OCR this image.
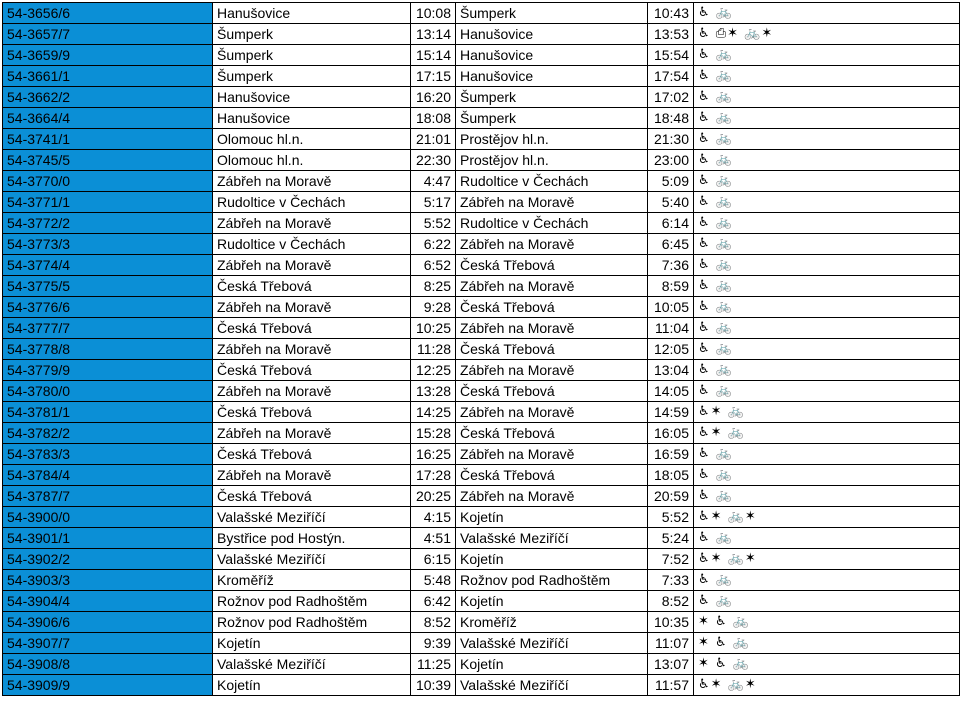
54-3656/6	Hanušovice	10:08	Šumperk	10:43	♿ 🚲
54-3657/7	Šumperk	13:14	Hanušovice	13:53	♿ ⎙✶ 🚲✶
54-3659/9	Šumperk	15:14	Hanušovice	15:54	♿ 🚲
54-3661/1	Šumperk	17:15	Hanušovice	17:54	♿ 🚲
54-3662/2	Hanušovice	16:20	Šumperk	17:02	♿ 🚲
54-3664/4	Hanušovice	18:08	Šumperk	18:48	♿ 🚲
54-3741/1	Olomouc hl.n.	21:01	Prostějov hl.n.	21:30	♿ 🚲
54-3745/5	Olomouc hl.n.	22:30	Prostějov hl.n.	23:00	♿ 🚲
54-3770/0	Zábřeh na Moravě	4:47	Rudoltice v Čechách	5:09	♿ 🚲
54-3771/1	Rudoltice v Čechách	5:17	Zábřeh na Moravě	5:40	♿ 🚲
54-3772/2	Zábřeh na Moravě	5:52	Rudoltice v Čechách	6:14	♿ 🚲
54-3773/3	Rudoltice v Čechách	6:22	Zábřeh na Moravě	6:45	♿ 🚲
54-3774/4	Zábřeh na Moravě	6:52	Česká Třebová	7:36	♿ 🚲
54-3775/5	Česká Třebová	8:25	Zábřeh na Moravě	8:59	♿ 🚲
54-3776/6	Zábřeh na Moravě	9:28	Česká Třebová	10:05	♿ 🚲
54-3777/7	Česká Třebová	10:25	Zábřeh na Moravě	11:04	♿ 🚲
54-3778/8	Zábřeh na Moravě	11:28	Česká Třebová	12:05	♿ 🚲
54-3779/9	Česká Třebová	12:25	Zábřeh na Moravě	13:04	♿ 🚲
54-3780/0	Zábřeh na Moravě	13:28	Česká Třebová	14:05	♿ 🚲
54-3781/1	Česká Třebová	14:25	Zábřeh na Moravě	14:59	♿✶ 🚲
54-3782/2	Zábřeh na Moravě	15:28	Česká Třebová	16:05	♿✶ 🚲
54-3783/3	Česká Třebová	16:25	Zábřeh na Moravě	16:59	♿ 🚲
54-3784/4	Zábřeh na Moravě	17:28	Česká Třebová	18:05	♿ 🚲
54-3787/7	Česká Třebová	20:25	Zábřeh na Moravě	20:59	♿ 🚲
54-3900/0	Valašské Meziříčí	4:15	Kojetín	5:52	♿✶ 🚲✶
54-3901/1	Bystřice pod Hostýn.	4:51	Valašské Meziříčí	5:24	♿ 🚲
54-3902/2	Valašské Meziříčí	6:15	Kojetín	7:52	♿✶ 🚲✶
54-3903/3	Kroměříž	5:48	Rožnov pod Radhoštěm	7:33	♿ 🚲
54-3904/4	Rožnov pod Radhoštěm	6:42	Kojetín	8:52	♿ 🚲
54-3906/6	Rožnov pod Radhoštěm	8:52	Kroměříž	10:35	✶ ♿ 🚲
54-3907/7	Kojetín	9:39	Valašské Meziříčí	11:07	✶ ♿ 🚲
54-3908/8	Valašské Meziříčí	11:25	Kojetín	13:07	✶ ♿ 🚲
54-3909/9	Kojetín	10:39	Valašské Meziříčí	11:57	♿✶ 🚲✶
